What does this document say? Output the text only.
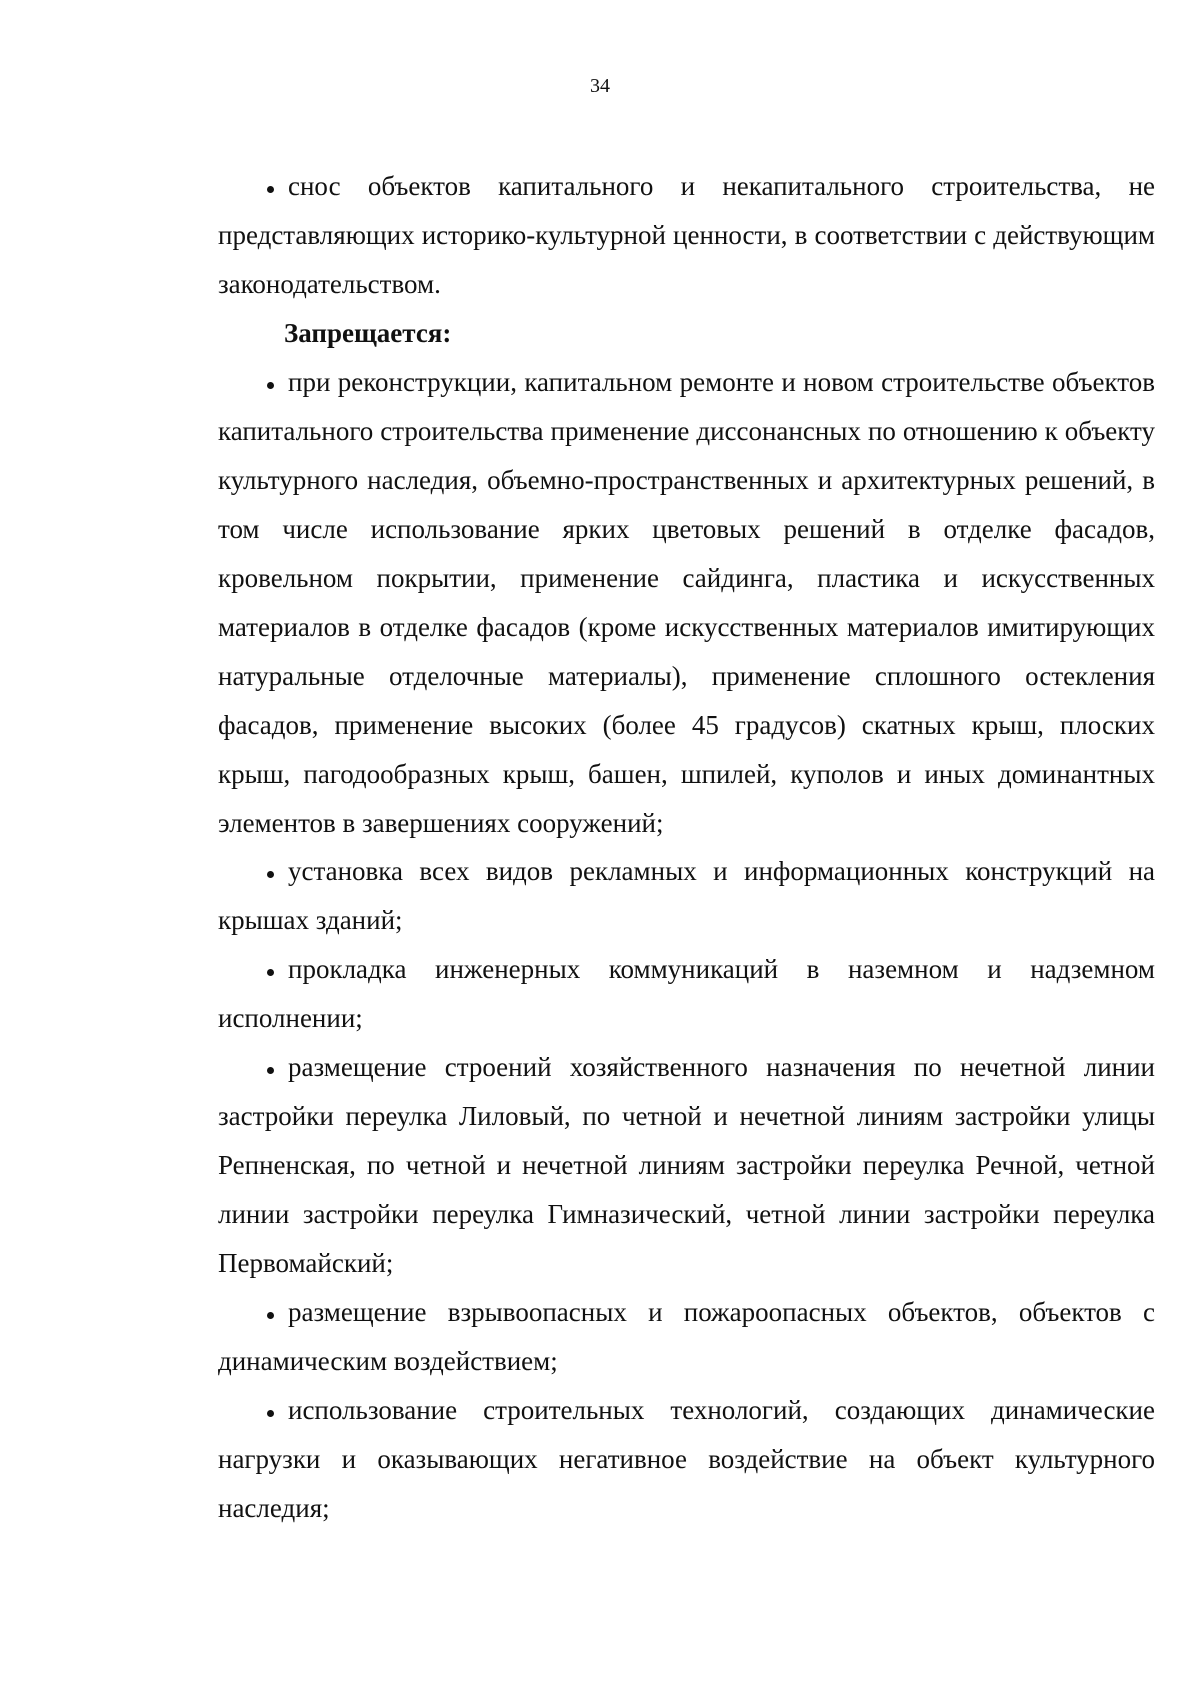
34

снос объектов капитального и некапитального строительства, не представляющих историко-культурной ценности, в соответствии с действующим законодательством.

Запрещается:

при реконструкции, капитальном ремонте и новом строительстве объектов капитального строительства применение диссонансных по отношению к объекту культурного наследия, объемно-пространственных и архитектурных решений, в том числе использование ярких цветовых решений в отделке фасадов, кровельном покрытии, применение сайдинга, пластика и искусственных материалов в отделке фасадов (кроме искусственных материалов имитирующих натуральные отделочные материалы), применение сплошного остекления фасадов, применение высоких (более 45 градусов) скатных крыш, плоских крыш, пагодообразных крыш, башен, шпилей, куполов и иных доминантных элементов в завершениях сооружений;

установка всех видов рекламных и информационных конструкций на крышах зданий;

прокладка инженерных коммуникаций в наземном и надземном исполнении;

размещение строений хозяйственного назначения по нечетной линии застройки переулка Лиловый, по четной и нечетной линиям застройки улицы Репненская, по четной и нечетной линиям застройки переулка Речной, четной линии застройки переулка Гимназический, четной линии застройки переулка Первомайский;

размещение взрывоопасных и пожароопасных объектов, объектов с динамическим воздействием;

использование строительных технологий, создающих динамические нагрузки и оказывающих негативное воздействие на объект культурного наследия;
